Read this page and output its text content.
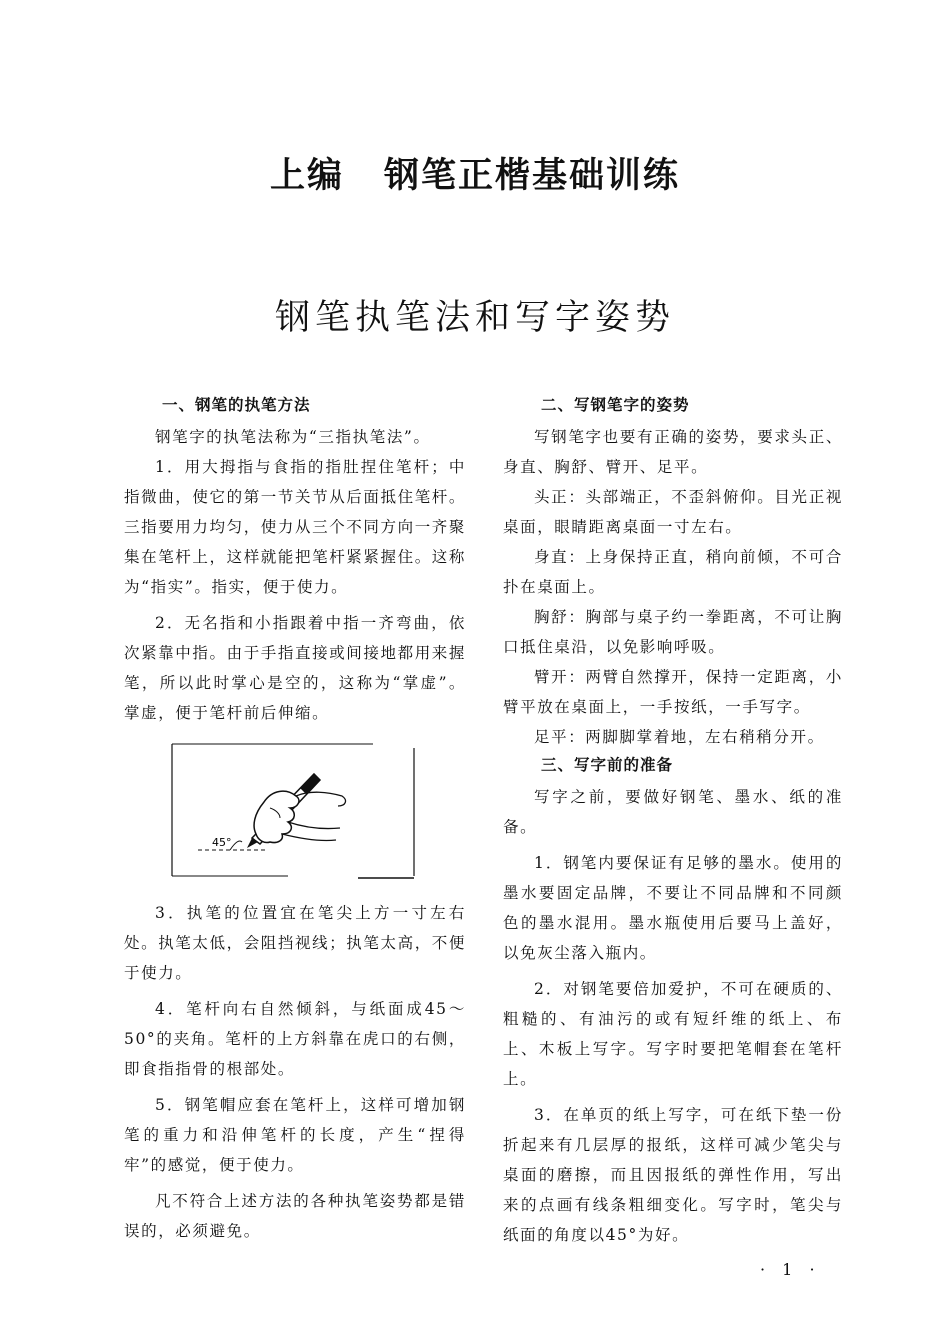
上编 钢笔正楷基础训练
钢笔执笔法和写字姿势
一、钢笔的执笔方法

钢笔字的执笔法称为“三指执笔法”。

1．用大拇指与食指的指肚捏住笔杆；中指微曲，使它的第一节关节从后面抵住笔杆。三指要用力均匀，使力从三个不同方向一齐聚集在笔杆上，这样就能把笔杆紧紧握住。这称为“指实”。指实，便于使力。

2．无名指和小指跟着中指一齐弯曲，依次紧靠中指。由于手指直接或间接地都用来握笔，所以此时掌心是空的，这称为“掌虚”。掌虚，便于笔杆前后伸缩。

45°

3．执笔的位置宜在笔尖上方一寸左右处。执笔太低，会阻挡视线；执笔太高，不便于使力。

4．笔杆向右自然倾斜，与纸面成45～50°的夹角。笔杆的上方斜靠在虎口的右侧，即食指指骨的根部处。

5．钢笔帽应套在笔杆上，这样可增加钢笔的重力和沿伸笔杆的长度，产生“捏得牢”的感觉，便于使力。

凡不符合上述方法的各种执笔姿势都是错误的，必须避免。

二、写钢笔字的姿势

写钢笔字也要有正确的姿势，要求头正、身直、胸舒、臂开、足平。

头正：头部端正，不歪斜俯仰。目光正视桌面，眼睛距离桌面一寸左右。

身直：上身保持正直，稍向前倾，不可合扑在桌面上。

胸舒：胸部与桌子约一拳距离，不可让胸口抵住桌沿，以免影响呼吸。

臂开：两臂自然撑开，保持一定距离，小臂平放在桌面上，一手按纸，一手写字。

足平：两脚脚掌着地，左右稍稍分开。

三、写字前的准备

写字之前，要做好钢笔、墨水、纸的准备。

1．钢笔内要保证有足够的墨水。使用的墨水要固定品牌，不要让不同品牌和不同颜色的墨水混用。墨水瓶使用后要马上盖好，以免灰尘落入瓶内。

2．对钢笔要倍加爱护，不可在硬质的、粗糙的、有油污的或有短纤维的纸上、布上、木板上写字。写字时要把笔帽套在笔杆上。

3．在单页的纸上写字，可在纸下垫一份折起来有几层厚的报纸，这样可减少笔尖与桌面的磨擦，而且因报纸的弹性作用，写出来的点画有线条粗细变化。写字时，笔尖与纸面的角度以45°为好。

· 1 ·
